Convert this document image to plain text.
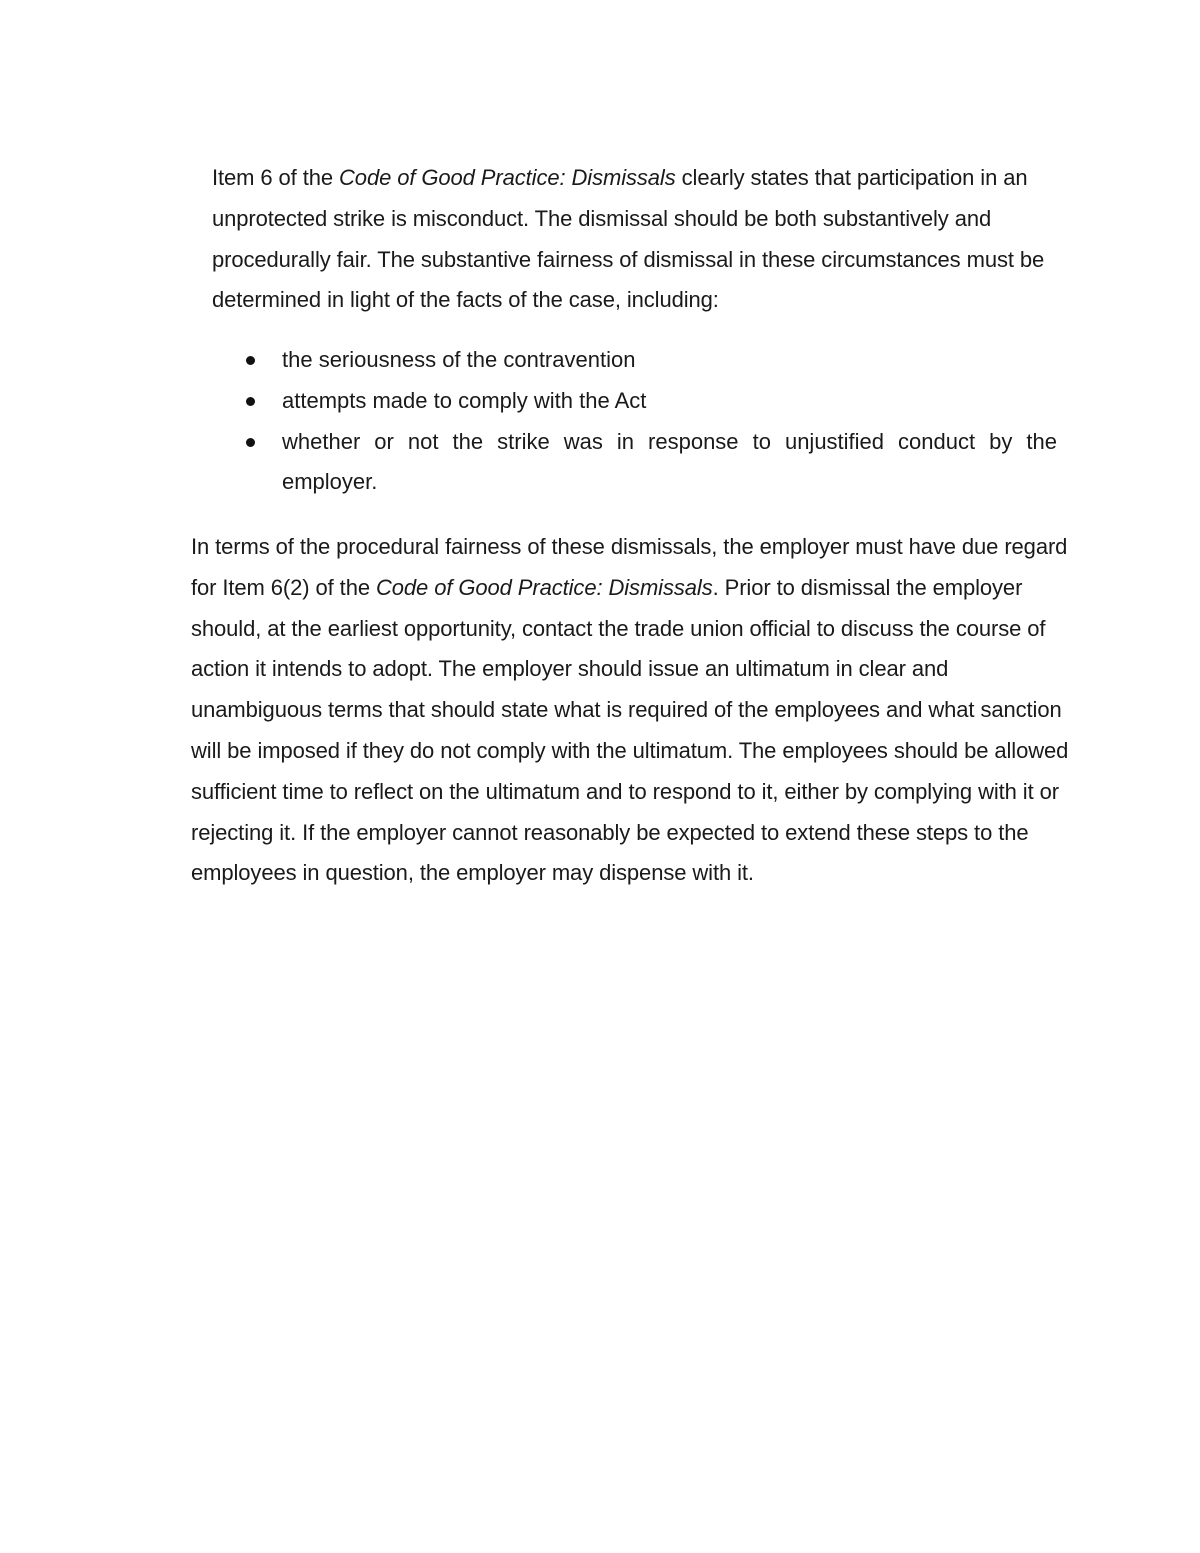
Item 6 of the Code of Good Practice: Dismissals clearly states that participation in an unprotected strike is misconduct. The dismissal should be both substantively and procedurally fair. The substantive fairness of dismissal in these circumstances must be determined in light of the facts of the case, including:

the seriousness of the contravention
attempts made to comply with the Act
whether or not the strike was in response to unjustified conduct by the employer.

In terms of the procedural fairness of these dismissals, the employer must have due regard for Item 6(2) of the Code of Good Practice: Dismissals. Prior to dismissal the employer should, at the earliest opportunity, contact the trade union official to discuss the course of action it intends to adopt. The employer should issue an ultimatum in clear and unambiguous terms that should state what is required of the employees and what sanction will be imposed if they do not comply with the ultimatum. The employees should be allowed sufficient time to reflect on the ultimatum and to respond to it, either by complying with it or rejecting it. If the employer cannot reasonably be expected to extend these steps to the employees in question, the employer may dispense with it.
